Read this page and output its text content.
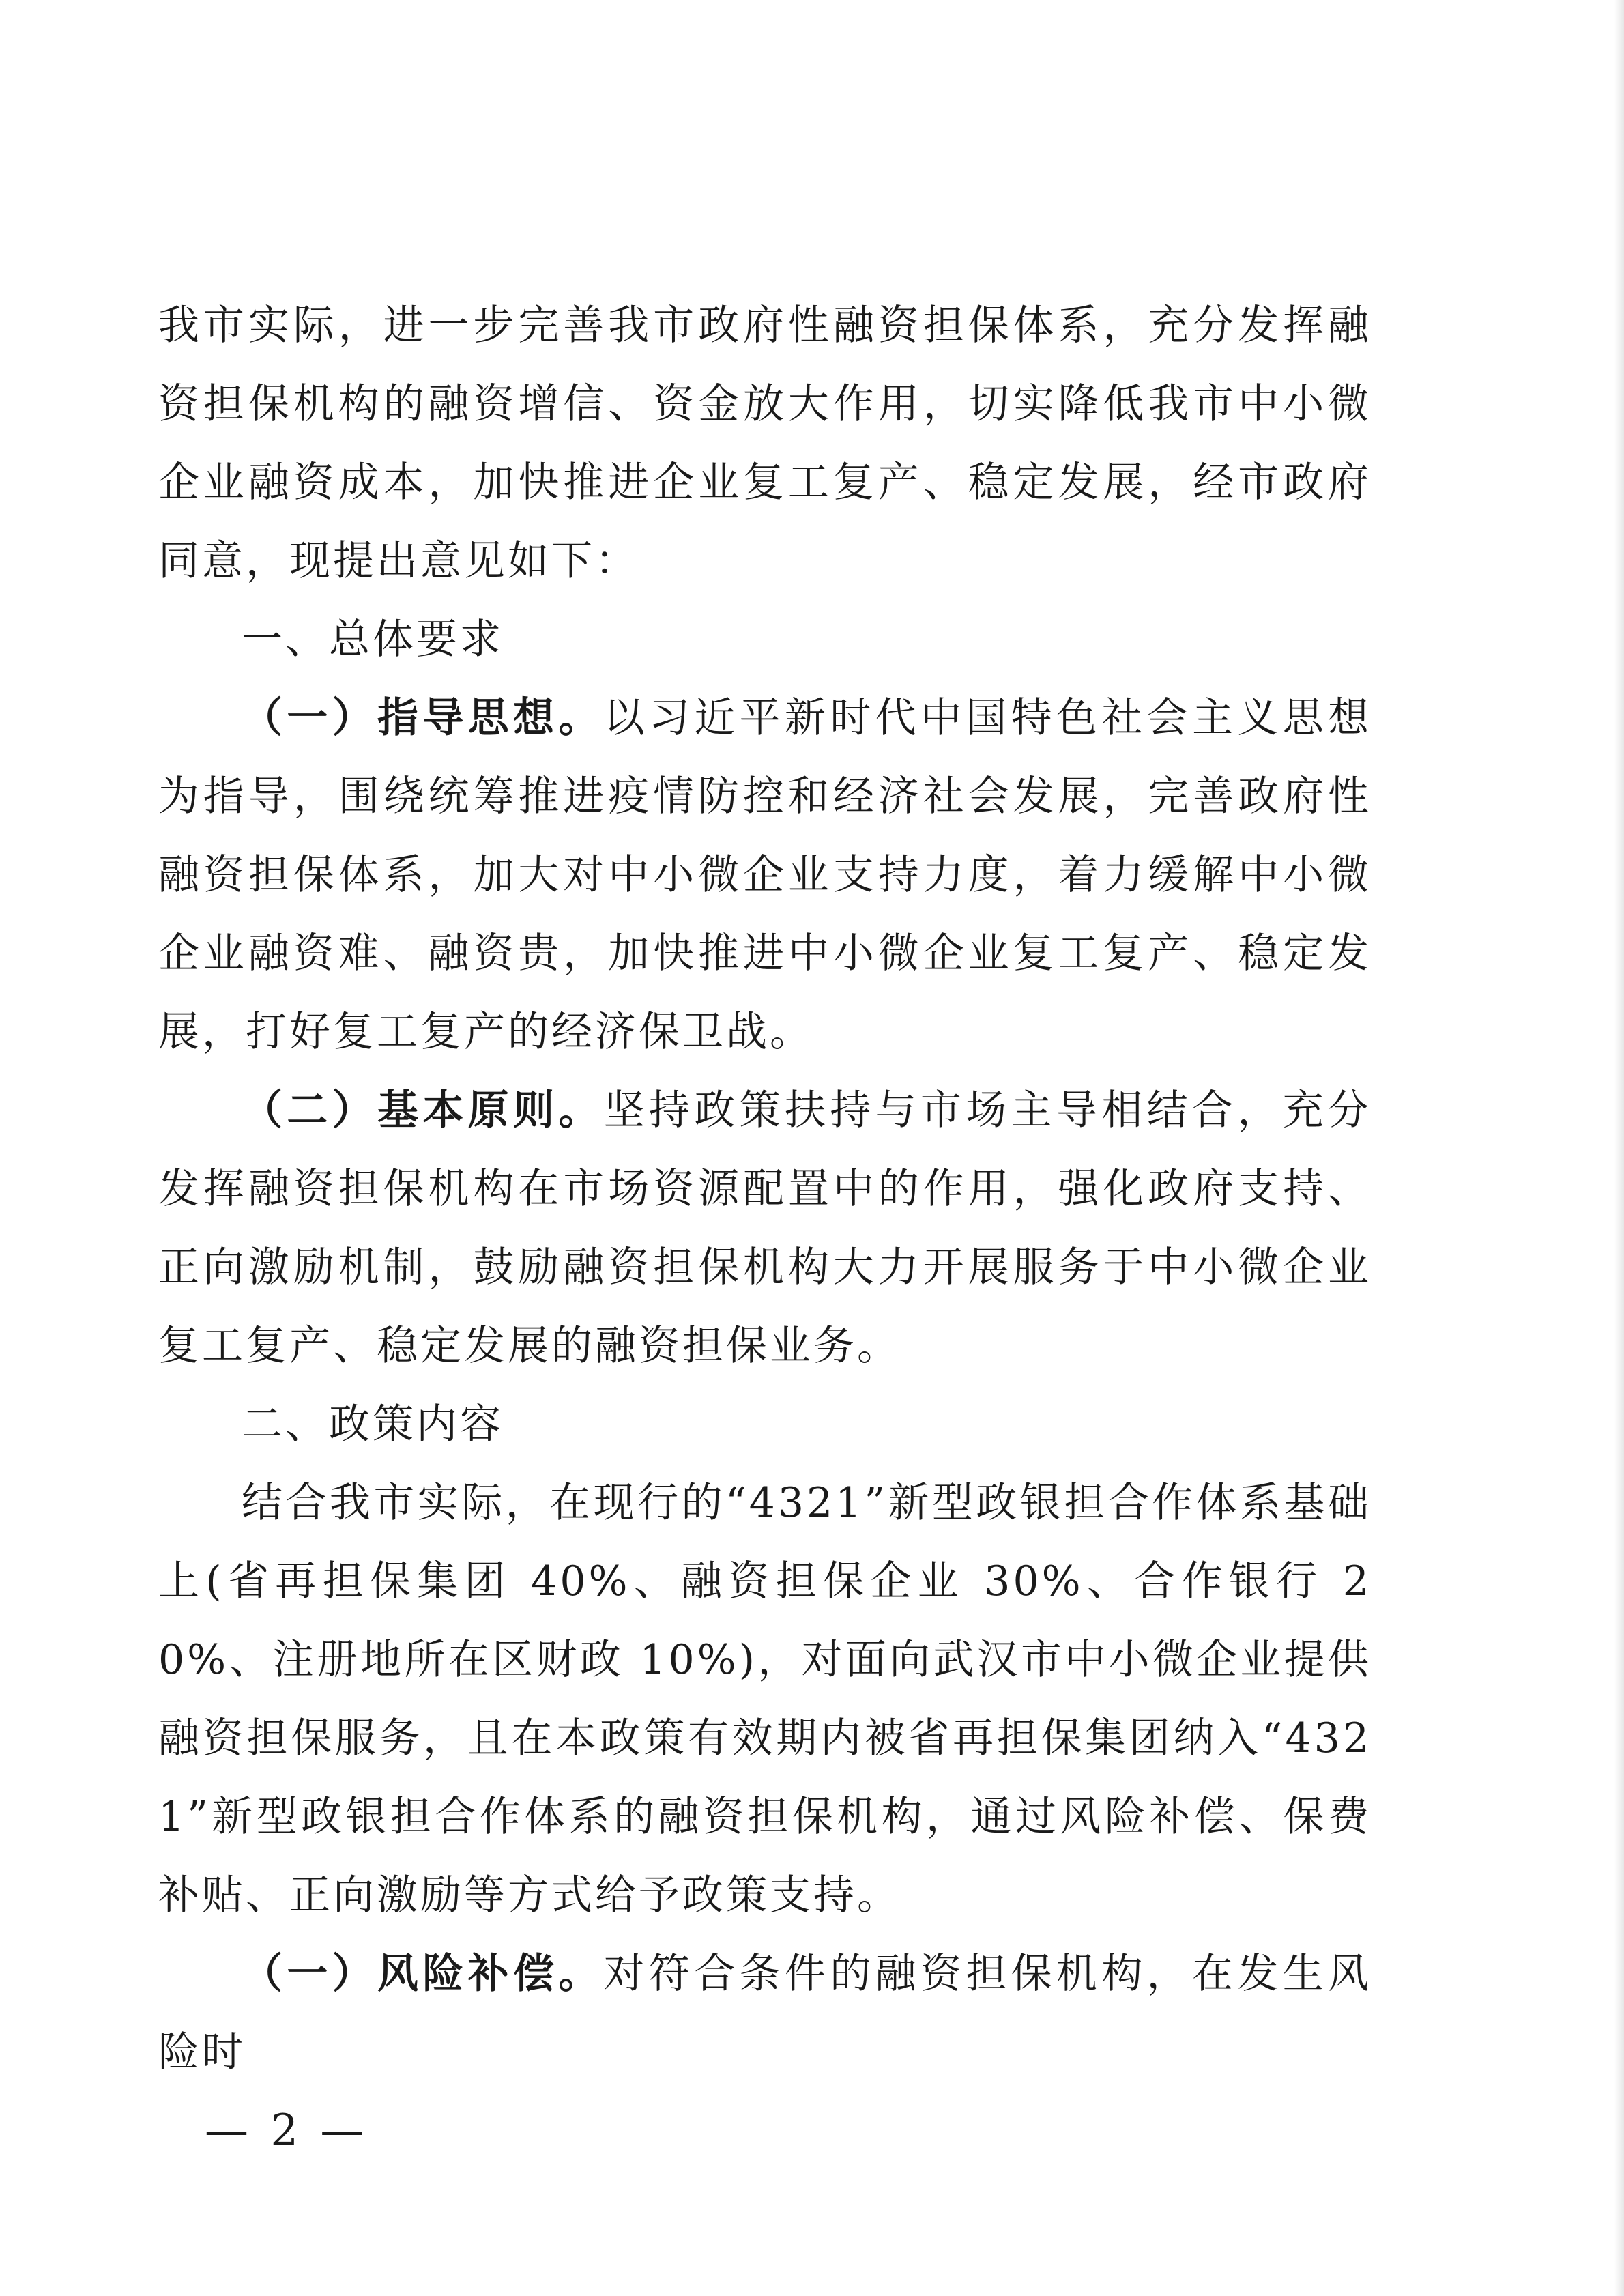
我市实际，进一步完善我市政府性融资担保体系，充分发挥融资担保机构的融资增信、资金放大作用，切实降低我市中小微企业融资成本，加快推进企业复工复产、稳定发展，经市政府同意，现提出意见如下：

一、总体要求

（一）指导思想。以习近平新时代中国特色社会主义思想为指导，围绕统筹推进疫情防控和经济社会发展，完善政府性融资担保体系，加大对中小微企业支持力度，着力缓解中小微企业融资难、融资贵，加快推进中小微企业复工复产、稳定发展，打好复工复产的经济保卫战。

（二）基本原则。坚持政策扶持与市场主导相结合，充分发挥融资担保机构在市场资源配置中的作用，强化政府支持、正向激励机制，鼓励融资担保机构大力开展服务于中小微企业复工复产、稳定发展的融资担保业务。

二、政策内容

结合我市实际，在现行的“4321”新型政银担合作体系基础上(省再担保集团 40%、融资担保企业 30%、合作银行 20%、注册地所在区财政 10%)，对面向武汉市中小微企业提供融资担保服务，且在本政策有效期内被省再担保集团纳入“4321”新型政银担合作体系的融资担保机构，通过风险补偿、保费补贴、正向激励等方式给予政策支持。

（一）风险补偿。对符合条件的融资担保机构，在发生风险时

— 2 —
